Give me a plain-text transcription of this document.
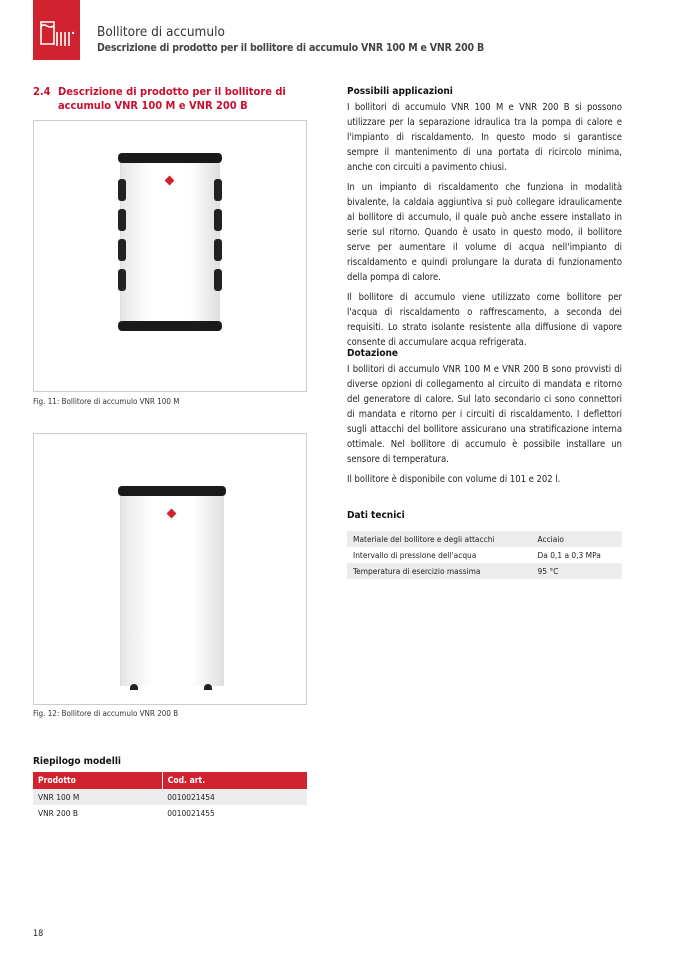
Bollitore di accumulo
Descrizione di prodotto per il bollitore di accumulo VNR 100 M e VNR 200 B
2.4 Descrizione di prodotto per il bollitore di accumulo VNR 100 M e VNR 200 B
Fig. 11: Bollitore di accumulo VNR 100 M
Fig. 12: Bollitore di accumulo VNR 200 B
Riepilogo modelli
Prodotto	Cod. art.
VNR 100 M	0010021454
VNR 200 B	0010021455
18
Possibili applicazioni

I bollitori di accumulo VNR 100 M e VNR 200 B si possono utilizzare per la separazione idraulica tra la pompa di calore e l'impianto di riscaldamento. In questo modo si garantisce sempre il mantenimento di una portata di ricircolo minima, anche con circuiti a pavimento chiusi.

In un impianto di riscaldamento che funziona in modalità bivalente, la caldaia aggiuntiva si può collegare idraulicamente al bollitore di accumulo, il quale può anche essere installato in serie sul ritorno. Quando è usato in questo modo, il bollitore serve per aumentare il volume di acqua nell'impianto di riscaldamento e quindi prolungare la durata di funzionamento della pompa di calore.

Il bollitore di accumulo viene utilizzato come bollitore per l'acqua di riscaldamento o raffrescamento, a seconda dei requisiti. Lo strato isolante resistente alla diffusione di vapore consente di accumulare acqua refrigerata.

Dotazione

I bollitori di accumulo VNR 100 M e VNR 200 B sono provvisti di diverse opzioni di collegamento al circuito di mandata e ritorno del generatore di calore. Sul lato secondario ci sono connettori di mandata e ritorno per i circuiti di riscaldamento. I deflettori sugli attacchi del bollitore assicurano una stratificazione interna ottimale. Nel bollitore di accumulo è possibile installare un sensore di temperatura.

Il bollitore è disponibile con volume di 101 e 202 l.

Dati tecnici
Materiale del bollitore e degli attacchi	Acciaio
Intervallo di pressione dell'acqua	Da 0,1 a 0,3 MPa
Temperatura di esercizio massima	95 °C
